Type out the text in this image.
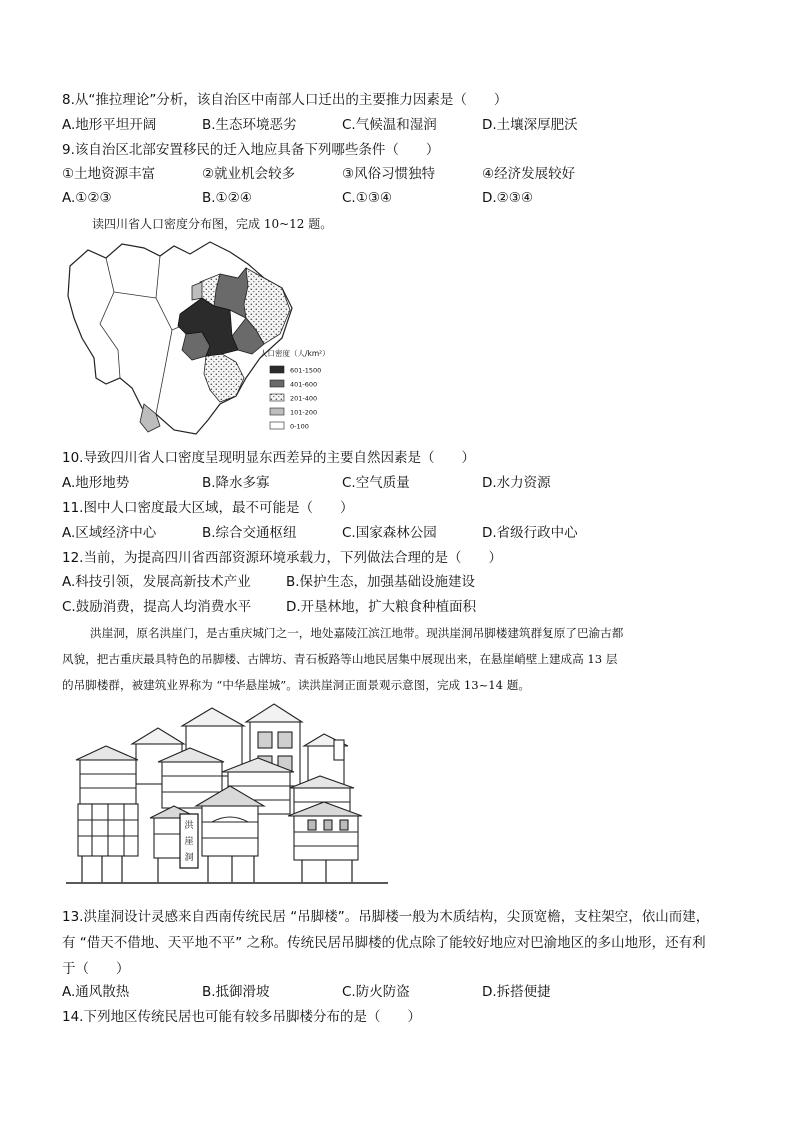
8.从“推拉理论”分析，该自治区中南部人口迁出的主要推力因素是（　　）
A.地形平坦开阔	B.生态环境恶劣	C.气候温和湿润	D.土壤深厚肥沃
9.该自治区北部安置移民的迁入地应具备下列哪些条件（　　）
①土地资源丰富	②就业机会较多	③风俗习惯独特	④经济发展较好
A.①②③	B.①②④	C.①③④	D.②③④
读四川省人口密度分布图，完成 10~12 题。
人口密度（人/km²）
601-1500
401-600
201-400
101-200
0-100
10.导致四川省人口密度呈现明显东西差异的主要自然因素是（　　）
A.地形地势	B.降水多寡	C.空气质量	D.水力资源
11.图中人口密度最大区域，最不可能是（　　）
A.区域经济中心	B.综合交通枢纽	C.国家森林公园	D.省级行政中心
12.当前，为提高四川省西部资源环境承载力，下列做法合理的是（　　）
A.科技引领，发展高新技术产业	B.保护生态，加强基础设施建设
C.鼓励消费，提高人均消费水平	D.开垦林地，扩大粮食种植面积
洪崖洞，原名洪崖门，是古重庆城门之一，地处嘉陵江滨江地带。现洪崖洞吊脚楼建筑群复原了巴渝古都
风貌，把古重庆最具特色的吊脚楼、古牌坊、青石板路等山地民居集中展现出来，在悬崖峭壁上建成高 13 层
的吊脚楼群，被建筑业界称为 “中华悬崖城”。读洪崖洞正面景观示意图，完成 13~14 题。
洪
崖
洞
13.洪崖洞设计灵感来自西南传统民居 “吊脚楼”。吊脚楼一般为木质结构，尖顶宽檐，支柱架空，依山而建，
有 “借天不借地、天平地不平” 之称。传统民居吊脚楼的优点除了能较好地应对巴渝地区的多山地形，还有利
于（　　）
A.通风散热	B.抵御滑坡	C.防火防盗	D.拆搭便捷
14.下列地区传统民居也可能有较多吊脚楼分布的是（　　）
